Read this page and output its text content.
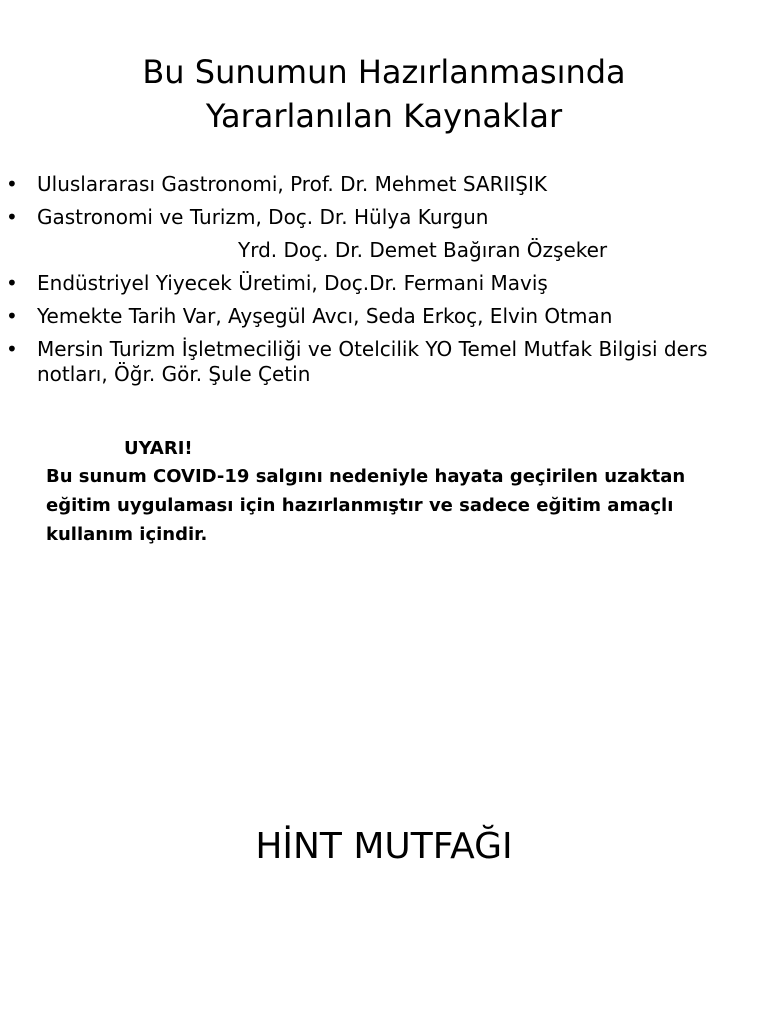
Bu Sunumun Hazırlanmasında
Yararlanılan Kaynaklar
• Uluslararası Gastronomi, Prof. Dr. Mehmet SARIIŞIK
• Gastronomi ve Turizm, Doç. Dr. Hülya Kurgun
Yrd. Doç. Dr. Demet Bağıran Özşeker
• Endüstriyel Yiyecek Üretimi, Doç.Dr. Fermani Maviş
• Yemekte Tarih Var, Ayşegül Avcı, Seda Erkoç, Elvin Otman
• Mersin Turizm İşletmeciliği ve Otelcilik YO Temel Mutfak Bilgisi ders notları, Öğr. Gör. Şule Çetin
UYARI!
Bu sunum COVID-19 salgını nedeniyle hayata geçirilen uzaktan
eğitim uygulaması için hazırlanmıştır ve sadece eğitim amaçlı
kullanım içindir.
HİNT MUTFAĞI
